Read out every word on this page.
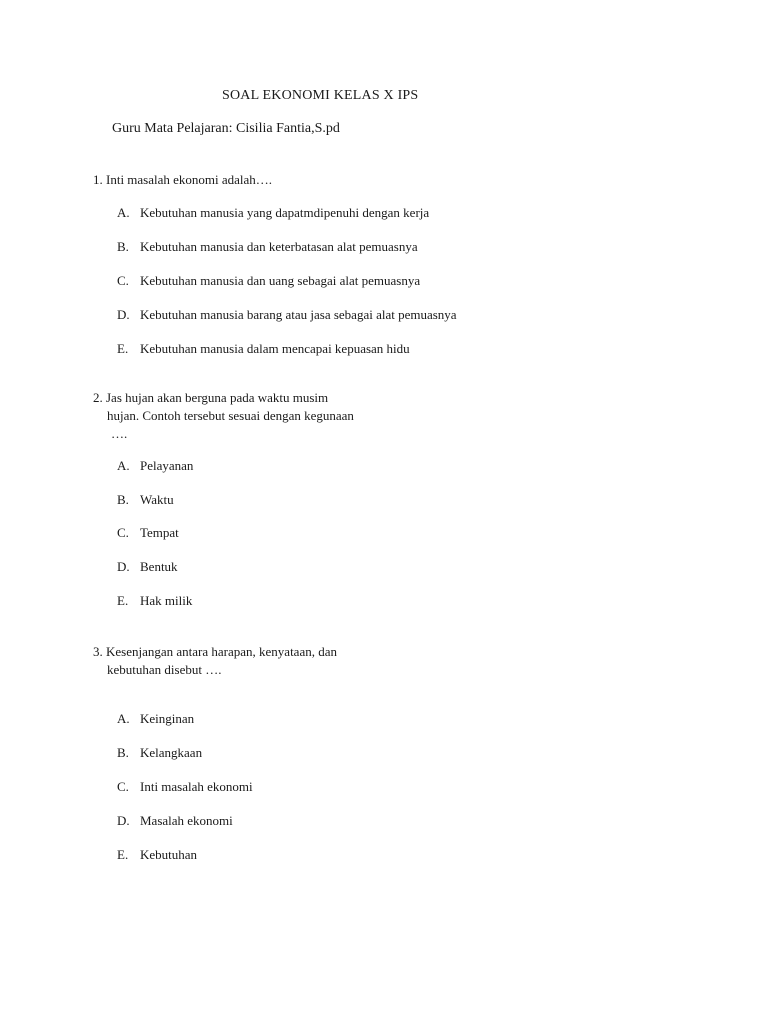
SOAL EKONOMI KELAS X IPS
Guru Mata Pelajaran: Cisilia Fantia,S.pd
1. Inti masalah ekonomi adalah….
A. Kebutuhan manusia yang dapatmdipenuhi dengan kerja
B. Kebutuhan manusia dan keterbatasan alat pemuasnya
C. Kebutuhan manusia dan uang sebagai alat pemuasnya
D. Kebutuhan manusia barang atau jasa sebagai alat pemuasnya
E. Kebutuhan manusia dalam mencapai kepuasan hidu
2. Jas hujan akan berguna pada waktu musim
hujan. Contoh tersebut sesuai dengan kegunaan
….
A. Pelayanan
B. Waktu
C. Tempat
D. Bentuk
E. Hak milik
3. Kesenjangan antara harapan, kenyataan, dan
kebutuhan disebut ….
A. Keinginan
B. Kelangkaan
C. Inti masalah ekonomi
D. Masalah ekonomi
E. Kebutuhan
